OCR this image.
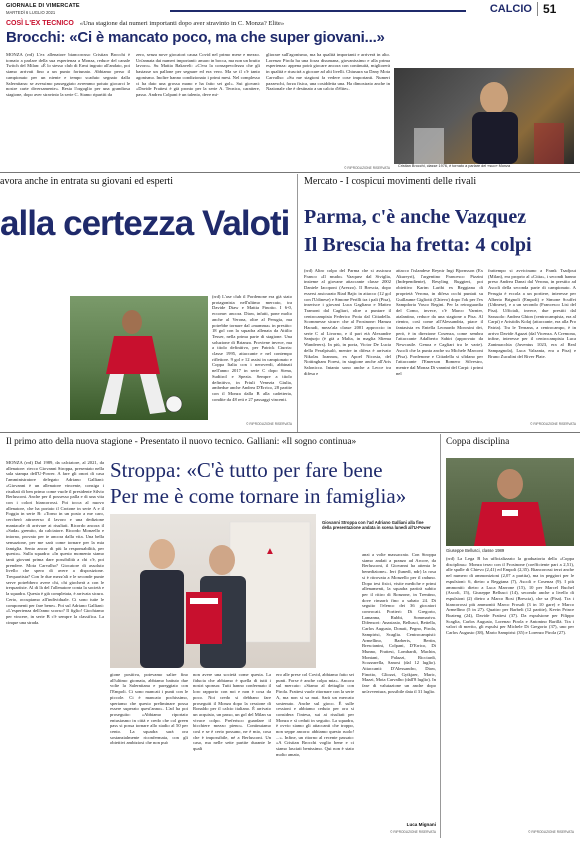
GIORNALE DI VIMERCATE
MARTEDÌ 6 LUGLIO 2021	CALCIO 51
COSÌ L'EX TECNICO «Una stagione dai numeri importanti dopo aver stravinto in C. Monza? Elite»
Brocchi: «Ci è mancato poco, ma che super giovani...»
MONZA (rrd) L'ex allenatore biancorosso Cristian Brocchi è tornato a parlare della sua esperienza a Monza, reduce del canale Twitch del Milan: «È lo stesso club di Ermi ingrato all'andato, poi siamo arrivati fino a un punto fortunato. Abbiamo perso il campionato per un niente e tempo scaduto segnato dalla Salernitana: se avessimo passeggiato avremmo potuto giocarci le nostre carte diversamente». Resta l'orgoglio per una grandiosa stagione, dopo aver stravinto la serie C. Siamo ripartiti da
zero, senza nove giocatori causa Covid nel primo mese e mezzo. Un'annata dai numeri importanti: amaro in bocca, ma non un brutto lavoro». Su Mattia Bakaveli: «C'era la consapevolezza che gli bastasse un pallone per segnare ed era vero. Ma se il c'è tanto agonismo. Inoltre hanno condizionato i primi mesi. Nel complesso ci ha dato una grossa mano e ha fatto sei gol». Sui giovani: «Davide Frattesi è già pronto per la serie A. Tecnica, carattere, passo. Andrea Colpani è un talento, deve mi-
gliorare sull'agonismo, ma ha qualità importanti e arriverà in alto. Lorenzo Pirola ha una forza disumana, giovanissimo e alla prima esperienza: appena potrà giocare ancora con continuità, migliorerà in qualità e riuscirà a giocare ad alti livelli. Chiusura su Dany Mota Carvalho: «Su me stagioni fa vedere cose importanti. Numeri pazzeschi, forza fisica, una cosiddetta una. Ha dimostrato anche in Nazionale che è destinato a un calcio d'élite».
© RIPRODUZIONE RISERVATA Cristian Brocchi, classe 1976, è tornato a parlare del «suo» Monza
avora anche in entrata su giovani ed esperti
alla certezza Valoti
(rrd) L'ase club il Pordenone era già stato protagonista nell'ultimo mercato, tra Davide Diaw e Mattia Finotto. I 6-0, eccome: ancora. Diaw, infatti, pone molto anche al Verona, oltre al Perugia, ma potrebbe tornare dal «mamma» in prestito: 18 gol con la squadra allenata da Attilio Tesser, nella prima parte di stagione. Una soluzione di Brianza. Proviene invece, ma a titolo definitivo, per Patrick Ciurria: classe 1995, attaccante e nel contempo riflettore. 9 gol e 12 assist in campionato e Coppa Italia con i neroverdi, abbinati nell'anno 2017 in serie C dopo Siena, Sudtirol e Spezia. Sempre a titolo definitivo, in Friuli Venezia Giulia, ambedue anche Andrea D'Errico, 28 partite con il Monza dalla B alla cadetteria, condite da 48 reti e 27 passaggi vincenti.
© RIPRODUZIONE RISERVATA
Mercato - I cospicui movimenti delle rivali
Parma, c'è anche Vazquez
Il Brescia ha fretta: 4 colpi
(rrd) Altro colpo del Parma che si assicura Franco «Il mudo» Vazquez dal Siviglia, insieme al giovane attaccante classe 2002 Daniele Iacoponi (Arezzo). Il Brescia, dopo essersi assicurato Riad Bajic in attacco (12 gol con l'Udinese) e Simone Perilli tra i pali (Pisa), inserisce i giovani Luca Gagliano e Matteo Tramoni dal Cagliari, oltre a puntare il centrocampista Federico Proia dal Cittadella. Scommesse sicure: che al Frosinone: Hamza Haoudi, mezz'ala classe 2001 approccio in serie C al Livorno, e il pari età Alexandre Sanjurjo (è già a Malta, in maglia Sliema Wanderers). In più, in porta, Victor De Lucia della Feralpisalò, mentre in difesa è arrivato Nikolas Ioannou, ex Apoel Nicosia, del Nottingham Forest, in stagione anche all'Aris Salonicco. Intanto sono anche a Lecce tra difesa e
attacco l'islandese Reynir Ingi Bjornsson (Ex Akureyri), l'argentino Francesco Pizzini (Independiente), Resyling Ruggieri, poi obiettivo Karim Laribi ex Reggiana di proprietà Verona, in difesa occhi puntati su Guillaume Gigliotti (Chievo) dopo l'ok per l'ex Sampdoria Vasco Regini. Per la retroguardia del Como, invece, c'è Marco Varnier, atalantino, reduce da una stagione a Pisa. Al rientro, così come all'Alessandria, piace il fantasista ex Entella Leonardo Morosini dei, però, è in direzione Cosenza, come sembra l'attaccante Adalberto Sabiri (approvato da Newcastle. Genoa e Cagliari tra le varie). Ascoli che la punta anche su Michele Marconi (Pisa). Pordenone e Cittadella si sfidano per l'attaccante l'Emerson Romero Silvestro, mentre dal Monza Di vannini del Carpi: i primi nel
frattempo si avvicinano a Frank Tsadjout (Milan), era proprio al «Citta», i secondi hanno preso Andrea Danzi dal Verona, in prestito ad Ascoli della seconda parte di campionato. A Perugia è eccola a un portiere, interesse per Alberto Brignoli (Empoli) e Simone Scuffet (Udinese), e a un secondo (Francesco Lisi del Pisa). Ufficiali, invece, due prestiti dal Sassuolo: Andrea Ghion (centrocampista, era al Carpi) e Aristidis Kolaj (attaccante, era alla Pro Patria). Tra le Ternana, a centrocampo, è in arrivo Davide Agazzi (dal Vicenza. A Cremona, infine, interesse per il centrocampista Luca Zanimacchia (Juventus 1023, era al Real Sampagnola), Luca Valzania, era a Pisa) e Bruno Zuculini del River Plate.
© RIPRODUZIONE RISERVATA
Il primo atto della nuova stagione - Presentato il nuovo tecnico. Galliani: «Il sogno continua»
Stroppa: «C'è tutto per fare bene
Per me è come tornare in famiglia»
MONZA (rrd) Dal 1989, da calciatore, al 2021, da allenatore: riecco Giovanni Stroppa, presentato nella sala stampa dell'U-Power. A fare gli onori di casa l'amministratore delegato Adriano Galliani: «Giovanni è un allenatore vincente, consiga i risultati di ben primo come vuole il presidente Silvio Berlusconi. Anche per il possesso palla e di una vita con i colori biancorossi. Poi tocca al nuovo allenatore, che ha portato il Crotone in serie A e il Foggia in serie B: «Torno in un posto a me caro, cercherò attraverso il lavoro e una dedizione maniacale di arrivare ai risultati. Ricordo ancora il «Sada» gremito, da calciatore. Ricordo Monzello e intorno, provato per te ancora dalla vita. Una bella sensazione, per me sarà come tornare per la mia famiglia. Sento ancor di più la responsabilità, per questo». Sulla squadra: «In questo momento siamo tanti giovani prima dare possibilità a chi c'è, poi prendere. Mota Carvalho? Giocatore di assoluto livello che spero di avere a disposizione. Trequartista? Con le due mezz'ali e le seconde punte serve potrebbero avere chi, chi giocherà a con le trequartiste. Al di là del l'allenatore conta la società e la squadra. Questa è già completata, è arrivata sicura. Certo, occupiamo all'individuale. Ci sono tutte le componenti per fare bene». Poi sul Adriano Galliani: «L'esperienza dell'anno scorso? Il figlio! Giochiamo per vincere, in serie B c'è sempre la classifica. La cinque una strada.
▲
gione positiva, potevamo salire fino all'ultimo giornata, abbiamo battuto due volte la Salernitana e pareggiato con l'Empoli. Ci sono mancati i punti con le piccole. Ci è mancato pochissimo, speriamo che questo preliminare possa essere superato quest'anno». L'ad ha poi proseguito: «Abbiamo riportato entusiasmo in città e credo che col green pass si possa tornare allo stadio al 50 per cento. La squadra sarà ora sostanzialmente riconfermata, con gli obiettivi ambiziosi che non può
non avere una società come questa. La fiducia che abbiamo è quella di tutti i nostri sponsor. Tutti hanno confermato il loro rapporto con noi e non è cosa da poco. Noi credo si debbano fare proseguiti il Monza dopo la cessione di Ronaldo per il calcio italiano. È arrivato un acquisto, un passo, un gol del Milan su vivace colpo. Preferisco guardare il bicchiere mezzo pieno». Continuiamo così e se è certo possano, ne è mio, cosa che è impossibile, né a Berlusconi. Un caso, ma nelle sette partite durante le quali
ero alle prese col Covid, abbiamo fatto sei punti. Forse è anche colpa mia». Ancora sul mercato: «Siamo al dettaglio con Pirola. Frattesi vuole ritornare con la serie A, ma non si sa mai. Sarà un mercato sostenuto. Anche sul gioco. È sulle cessioni e abbiamo ceduto per ora si considera l'intesa, sui ai risultati per Monza e sì ceduti in seguito. La squadra, è ovvio siamo gli attaccanti che troppo, non seppe ancora: abbiamo questo ruolo! ...». Infine, un ritorno al recente passato: «A Cristian Brocchi voglio bene e ci siamo lasciati benissimo. Qui non è stato molto amato,
Giovanni Stroppa con l'ad Adriano Galliani alla fine della presentazione andata in scena lunedì all'U-Power
anzi a volte massacrato. Con Stroppa siamo andati a pranzo ad Arcore, da Berlusconi, il Giovanni ha attenta le benedizione». Ieri (lunedì, ndr) la rosa si è ritrovata a Monzello per il raduno. Dopo test fisici, visite mediche e primi allenamenti, la squadra partirà subito per il ritiro di Ronzone, in Trentino, dove rimarrà fino a sabato 24. Di seguito l'elenco dei 36 giocatori convocati. Portieri: Di Gregorio, Lamanna, Rubbi, Sommariva. Difensori: Anastasio, Bellusci, Bettella, Carlos Augusto, Donati, Pegno, Pirola, Sampirisi, Scaglia. Centrocampisti: Armellino, Barberis, Bertin, Brescianini, Colpani, D'Errico, Di Munno, Frattesi, Lombardi, Machin, Montani, Palazzi, Ricciardi, Scozzarella, Sanosi (dal 12 luglio). Attaccanti: D'Alessandro, Diaw, Finotto, Gliozzi, Gytkjaer, Maric, Mazzi, Mota Carvalho (dall'8 luglio). In fase di valutazione un anche dopo un'avventura, possibile data il 31 luglio.
Luca Mignani
© RIPRODUZIONE RISERVATA
Coppa disciplina
Giuseppe Bellusci, classe 1989
(rrd) La Lega B ha ufficializzato la graduatoria della «Coppa disciplina»: Monza terzo con il Frosinone (coefficiente pari a 2,51), alle spalle di Chievo (2,41) ed Empoli (2,35). Biancorossi terzi anche nel numero di ammonizioni (2,07 a partita), ma in peggiori per le espulsioni: 6, dietro a Reggiana (7), Ascoli e Cosenza (9). I più ammoniti: dietro a Luca Marrone (15), 10 per Marcel Buchel (Ascoli, 15), Giuseppe Bellusci (14), secondo anche a livello di espulsioni (2) dietro a Marco Rosi (Brescia), che sa (Pisa). Tra i biancorossi più ammoniti Marco Frosali (3 in 10 gare) e Marco Armellino (5 in 27). Quattro per Barbeli (12 partite), Kevin Prince Boateng (24), Davide Frattesi (37). Da espulsione per Filippo Scaglia, Carlos Augusto, Lorenzo Pirola e Antonino Barillà. Tra i valori di merito, gli espulsi per Michele Di Gregorio (37), uno per Carlos Augusto (38), Mario Sampirisi (35) e Lorenzo Pirola (27).
© RIPRODUZIONE RISERVATA
